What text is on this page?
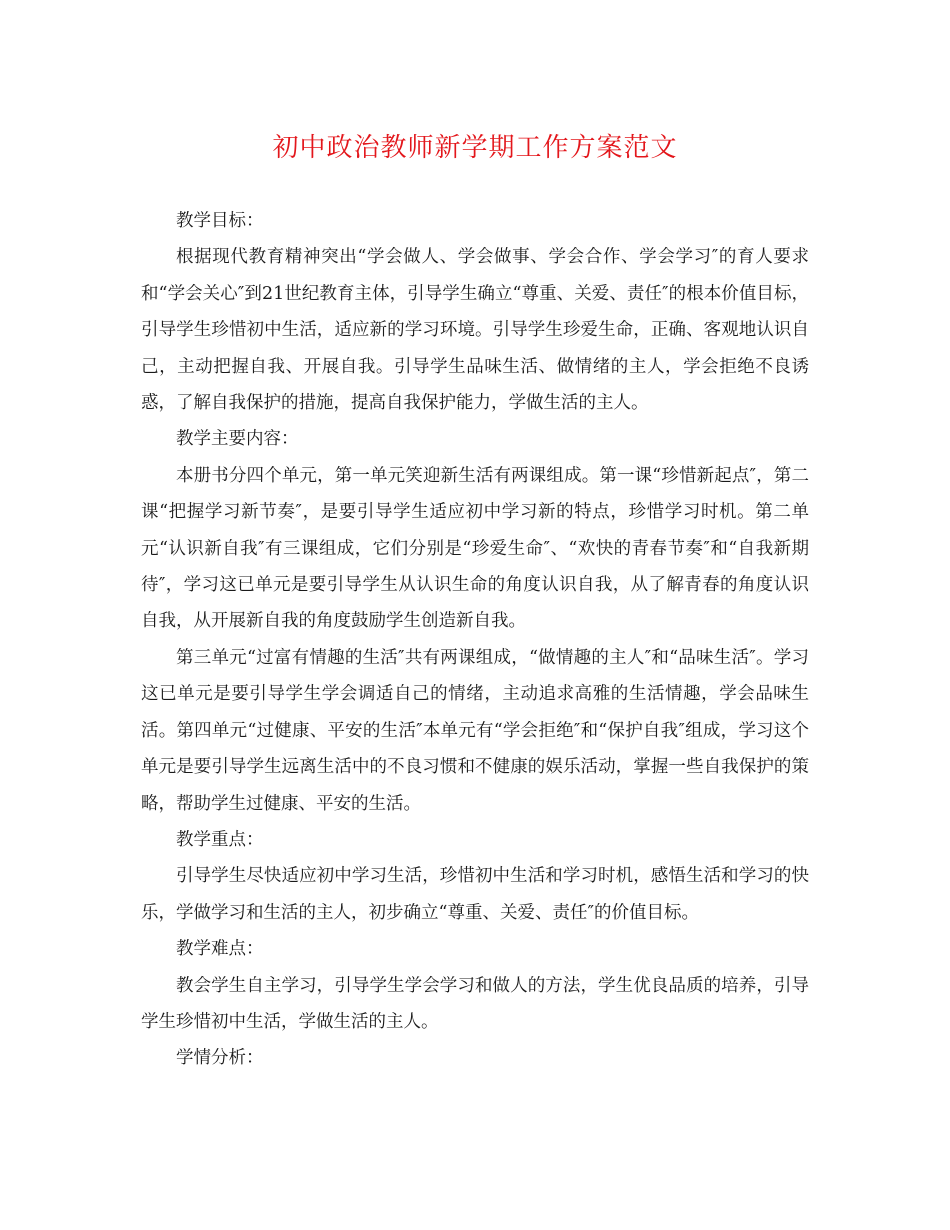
初中政治教师新学期工作方案范文

教学目标：

根据现代教育精神突出“学会做人、学会做事、学会合作、学会学习″的育人要求和“学会关心″到21世纪教育主体，引导学生确立“尊重、关爱、责任″的根本价值目标，引导学生珍惜初中生活，适应新的学习环境。引导学生珍爱生命，正确、客观地认识自己，主动把握自我、开展自我。引导学生品味生活、做情绪的主人，学会拒绝不良诱惑，了解自我保护的措施，提高自我保护能力，学做生活的主人。

教学主要内容：

本册书分四个单元，第一单元笑迎新生活有两课组成。第一课“珍惜新起点″，第二课“把握学习新节奏″，是要引导学生适应初中学习新的特点，珍惜学习时机。第二单元“认识新自我″有三课组成，它们分别是“珍爱生命″、“欢快的青春节奏″和“自我新期待″，学习这已单元是要引导学生从认识生命的角度认识自我，从了解青春的角度认识自我，从开展新自我的角度鼓励学生创造新自我。

第三单元“过富有情趣的生活″共有两课组成，“做情趣的主人″和“品味生活″。学习这已单元是要引导学生学会调适自己的情绪，主动追求高雅的生活情趣，学会品味生活。第四单元“过健康、平安的生活″本单元有“学会拒绝″和“保护自我″组成，学习这个单元是要引导学生远离生活中的不良习惯和不健康的娱乐活动，掌握一些自我保护的策略，帮助学生过健康、平安的生活。

教学重点：

引导学生尽快适应初中学习生活，珍惜初中生活和学习时机，感悟生活和学习的快乐，学做学习和生活的主人，初步确立“尊重、关爱、责任″的价值目标。

教学难点：

教会学生自主学习，引导学生学会学习和做人的方法，学生优良品质的培养，引导学生珍惜初中生活，学做生活的主人。

学情分析：
